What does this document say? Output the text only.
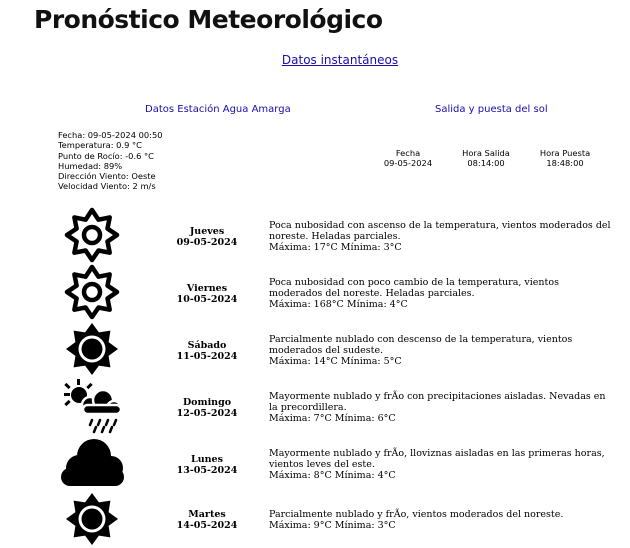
Pronóstico Meteorológico
Datos instantáneos
Datos Estación Agua Amarga	Salida y puesta del sol
Fecha: 09-05-2024 00:50
Temperatura: 0.9 °C
Punto de Rocío: -0.6 °C
Humedad: 89%
Dirección Viento: Oeste
Velocidad Viento: 2 m/s
Fecha
09-05-2024
Hora Salida
08:14:00
Hora Puesta
18:48:00
Jueves
09-05-2024
Poca nubosidad con ascenso de la temperatura, vientos moderados del noreste. Heladas parciales.
Máxima: 17°C Mínima: 3°C
Viernes
10-05-2024
Poca nubosidad con poco cambio de la temperatura, vientos moderados del noreste. Heladas parciales.
Máxima: 168°C Mínima: 4°C
Sábado
11-05-2024
Parcialmente nublado con descenso de la temperatura, vientos moderados del sudeste.
Máxima: 14°C Mínima: 5°C
Domingo
12-05-2024
Mayormente nublado y frÃo con precipitaciones aisladas. Nevadas en la precordillera.
Máxima: 7°C Mínima: 6°C
Lunes
13-05-2024
Mayormente nublado y frÃo, lloviznas aisladas en las primeras horas, vientos leves del este.
Máxima: 8°C Mínima: 4°C
Martes
14-05-2024
Parcialmente nublado y frÃo, vientos moderados del noreste.
Máxima: 9°C Mínima: 3°C
